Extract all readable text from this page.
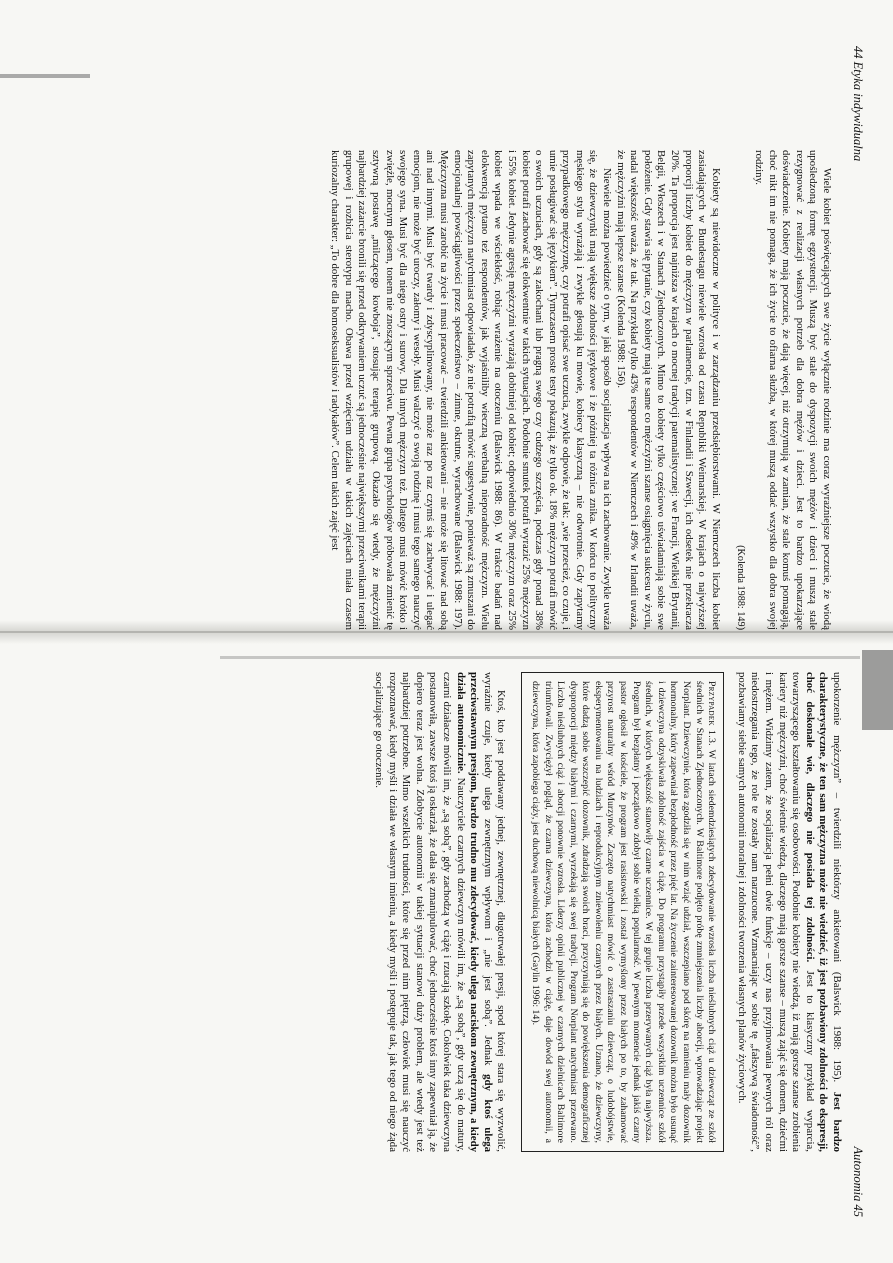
44 Etyka indywidualna

Wiele kobiet poświęcających swe życie wyłącznie rodzinie ma coraz wyraźniejsze poczucie, że wiodą upośledzoną formę egzystencji. Muszą być stale do dyspozycji swoich mężów i dzieci i muszą stale rezygnować z realizacji własnych potrzeb dla dobra mężów i dzieci. Jest to bardzo upokarzające doświadczenie. Kobiety mają poczucie, że dają więcej, niż otrzymują w zamian, że stale komuś pomagają, choć nikt im nie pomaga, że ich życie to ofiarna służba, w której muszą oddać wszystko dla dobra swojej rodziny.

(Kolenda 1988: 149)

Kobiety są niewidoczne w polityce i w zarządzaniu przedsiębiorstwami. W Niemczech liczba kobiet zasiadających w Bundestagu niewiele wzrosła od czasu Republiki Weimarskiej. W krajach o najwyższej proporcji liczby kobiet do mężczyzn w parlamencie, tzn. w Finlandii i Szwecji, ich odsetek nie przekracza 20%. Ta proporcja jest najniższa w krajach o mocnej tradycji patemalistycznej: we Francji, Wielkiej Brytanii, Belgii, Włoszech i w Stanach Zjednoczonych. Mimo to kobiety tylko częściowo uświadamiają sobie swe położenie. Gdy stawia się pytanie, czy kobiety mają te same co mężczyźni szanse osiągnięcia sukcesu w życiu, nadal większość uważa, że tak. Na przykład tylko 43% respondentów w Niemczech i 49% w Irlandii uważa, że mężczyźni mają lepsze szanse (Kolenda 1988: 156).

Niewiele można powiedzieć o tym, w jaki sposób socjalizacja wpływa na ich zachowanie. Zwykle uważa się, że dziewczynki mają większe zdolności językowe i że później ta różnica znika. W końcu to polityczny męskiego stylu wyrażają i zwykle głosują ku mowie, kobiecy klasyczną – nie odwrotnie. Gdy zapytamy przypadkowego mężczyznę, czy potrafi opisać swe uczucia, zwykle odpowie, że tak: „wie przecież, co czuje, i umie posługiwać się językiem”. Tymczasem proste testy pokazują, że tylko ok. 18% mężczyzn potrafi mówić o swoich uczuciach, gdy są zakochani lub pragną swego czy cudzego szczęścia, podczas gdy ponad 38% kobiet potrafi zachować się elokwentnie w takich sytuacjach. Podobnie smutek potrafi wyrazić 25% mężczyzn i 55% kobiet. Jedynie agresję mężczyźni wyrażają dobitniej od kobiet; odpowiednio 30% mężczyzn oraz 25% kobiet wpada we wściekłość, robiąc wrażenie na otoczeniu (Balswick 1988: 86). W trakcie badań nad elokwencją pytano też respondentów, jak wyjaśniliby wieczną werbalną nieporadność mężczyzn. Wielu zapytanych mężczyzn natychmiast odpowiadało, że nie potrafią mówić sugestywnie, ponieważ są zmuszani do emocjonalnej powściągliwości przez społeczeństwo – zimne, okrutne, wyrachowane (Balswick 1988: 197). Mężczyzna musi zarobić na życie i musi pracować – twierdzili ankietowani – nie może się litować nad sobą ani nad innymi. Musi być twardy i zdyscyplinowany, nie może raz po raz czymś się zachwycać i ulegać emocjom, nie może być uroczy, załomy i wesoły. Musi walczyć o swoją rodzinę i musi tego samego nauczyć swojego syna. Musi być dla niego ostry i surowy. Dla innych mężczyzn też. Dlatego musi mówić krótko i zwięźle, mocnym głosem, tonem nie znoszącym sprzeciwu. Pewna grupa psychologów próbowała zmienić tę sztywną postawę „milczącego kowboja”, stosując terapię grupową. Okazało się wtedy, że mężczyźni najbardziej zażarcie bronili się przed odkrywaniem uczuć są jednocześnie największymi przeciwnikami terapii grupowej i rozbicia sterotypu macho. Obawa przed wzięciem udziału w takich zajęciach miała czasem kuriozalny charakter: „To dobre dla homoseksualistów i radykałów”. Celem takich zajęć jest

Autonomia 45

upokorzenie mężczyzn” – twierdzili niektórzy ankietowani (Balswick 1988: 195). Jest bardzo charakterystyczne, że ten sam mężczyzna może nie wiedzieć, iż jest pozbawiony zdolności do ekspresji, choć doskonale wie, dlaczego nie posiada tej zdolności. Jest to klasyczny przykład wyparcia, towarzyszącego kształtowaniu się osobowości. Podobnie kobiety nie wiedzą, iż mają gorsze szanse zrobienia kariery niż mężczyźni, choć świetnie wiedzą, dlaczego mają gorsze szanse – muszą zająć się domem, dziećmi i mężem. Widzimy zatem, że socjalizacja pełni dwie funkcje – uczy nas przyjmowania pewnych ról oraz niedostrzegania tego, że role te zostały nam narzucone. Wzmacniając w sobie tę „fałszywą świadomość”, pozbawiamy siebie samych autonomii moralnej i zdolności tworzenia własnych planów życiowych.

Przypadek 1.3. W latach siedemdziesiątych zdecydowanie wzrosła liczba nieślubnych ciąż u dziewcząt ze szkół średnich w Stanach Zjednoczonych. W Baltimore podjęto próbę zmniejszenia liczby aborcji, wprowadzając projekt Norplant. Dziewczynie, która zgodziła się w nim wziąć udział, wszczepiano pod skórę na ramieniu mały dozownik hormonalny, który zapewniał bezpłodność przez pięć lat. Na życzenie zainteresowanej dozownik można było usunąć i dziewczyna odzyskiwała zdolność zajścia w ciążę. Do programu przystąpiły przede wszystkim uczennice szkół średnich, w których większość stanowiły czarne uczennice. W tej grupie liczba przerywanych ciąż była najwyższa. Program był bezpłatny i początkowo zdobył sobie wielką popularność. W pewnym momencie jednak jakiś czarny pastor ogłosił w kościele, że program jest rasistowski i został wymyślony przez białych po to, by zahamować przyrost naturalny wśród Murzynów. Zaczęto natychmiast mówić o zastraszaniu dziewcząt, o ludobójstwie, eksperymentowaniu na ludziach i reprodukcyjnym zniewoleniu czarnych przez białych. Uznano, że dziewczyny, które dadzą sobie wszczepić dozownik, zdradzają swoich braci, przyczyniają się do powiększenia demograficznej dysproporcji między białymi i czarnymi, wyrzekają się swej tradycji. Program Norplant natychmiast przerwano. Liczba nieślubnych ciąż i aborcji ponownie wzrosła. Liderzy opinii publicznej w czarnych dzielnicach Baltimore triumfowali. Zwyciężył pogląd, że czarna dziewczyna, która zachodzi w ciążę, daje dowód swej autonomii, a dziewczyna, która zapobiega ciąży, jest duchową niewolnicą białych (Gaylin 1996: 14).

Ktoś, kto jest poddawany jednej, zewnętrznej, długotrwałej presji, spod której stara się wyzwolić, wyraźnie czuje, kiedy ulega zewnętrznym wpływom i „nie jest sobą”. Jednak gdy ktoś ulega przeciwstawnym presjom, bardzo trudno mu zdecydować, kiedy ulega naciskom zewnętrznym, a kiedy działa autonomicznie. Nauczyciele czarnych dziewczyn mówili im, że „są sobą”, gdy uczą się do matury, czarni działacze mówili im, że „są sobą”, gdy zachodzą w ciążę i rzucają szkołę. Cokolwiek taka dziewczyna postanowiła, zawsze ktoś ją oskarżał, że dała się zmanipulować, choć jednocześnie ktoś inny zapewniał ją, że dopiero teraz jest wolna. Zdobycie autonomii w takiej sytuacji stanowi duży problem, ale wtedy jest też najbardziej potrzebne. Mimo wszelkich trudności, które się przed nim piętrzą, człowiek musi się nauczyć rozpoznawać, kiedy myśli i działa we własnym imieniu, a kiedy myśli i postępuje tak, jak tego od niego żąda socjalizujące go otoczenie.
